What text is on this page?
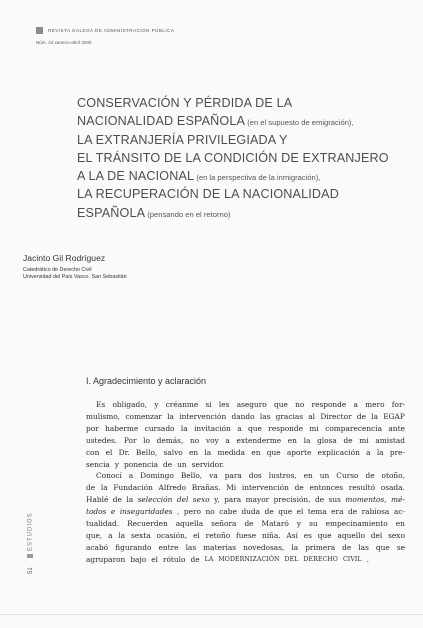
REVISTA GALEGA DE ADMINISTRACIÓN PÚBLICA
Núm. 24 xaneiro-abril 2000
CONSERVACIÓN Y PÉRDIDA DE LA
NACIONALIDAD ESPAÑOLA (en el supuesto de emigración),
LA EXTRANJERÍA PRIVILEGIADA Y
EL TRÁNSITO DE LA CONDICIÓN DE EXTRANJERO
A LA DE NACIONAL (en la perspectiva de la inmigración),
LA RECUPERACIÓN DE LA NACIONALIDAD
ESPAÑOLA (pensando en el retorno)
Jacinto Gil Rodríguez
Catedrático de Derecho Civil
Universidad del País Vasco. San Sebastián
I. Agradecimiento y aclaración
Es obligado, y créanme si les aseguro que no responde a mero for-
mulismo, comenzar la intervención dando las gracias al Director de la EGAP
por haberme cursado la invitación a que responde mi comparecencia ante
ustedes. Por lo demás, no voy a extenderme en la glosa de mi amistad
con el Dr. Bello, salvo en la medida en que aporte explicación a la pre-
sencia y ponencia de un servidor.
Conocí a Domingo Bello, va para dos lustros, en un Curso de otoño,
de la Fundación Alfredo Brañas. Mi intervención de entonces resultó osada.
Hablé de la selección del sexo y, para mayor precisión, de sus momentos, mé-
todos e inseguridades , pero no cabe duda de que el tema era de rabiosa ac-
tualidad. Recuerden aquella señora de Mataró y su empecinamiento en
que, a la sexta ocasión, el retoño fuese niña. Así es que aquello del sexo
acabó figurando entre las materias novedosas, la primera de las que se
agruparon bajo el rótulo de LA MODERNIZACIÓN DEL DERECHO CIVIL .
ESTUDIOS
51
